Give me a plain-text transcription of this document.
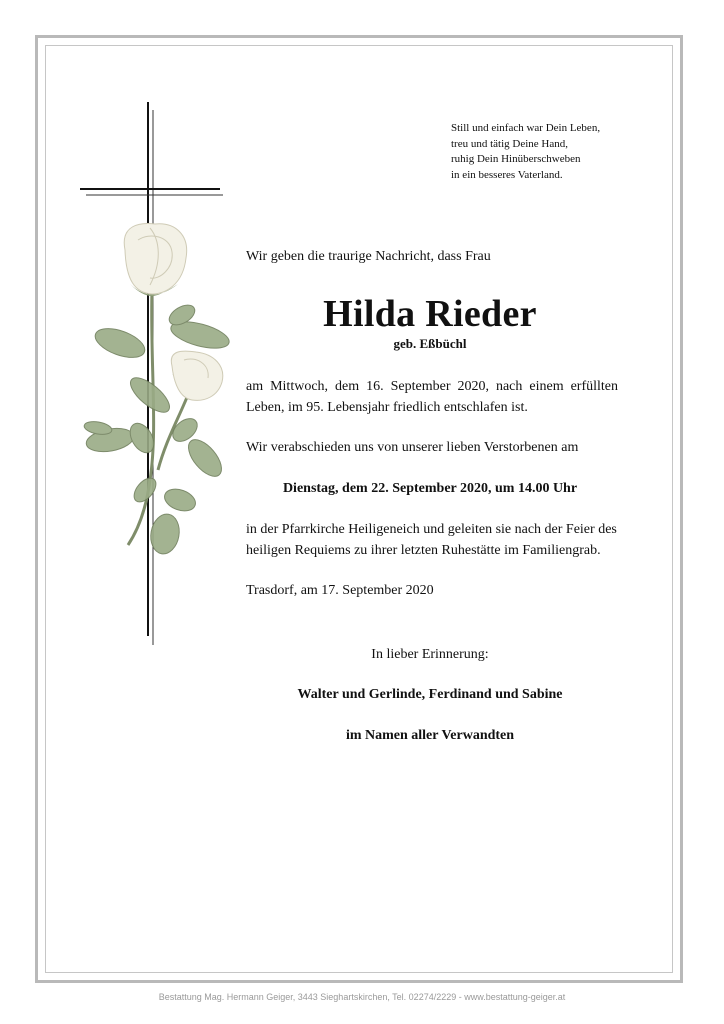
Still und einfach war Dein Leben,
treu und tätig Deine Hand,
ruhig Dein Hinüberschweben
in ein besseres Vaterland.
Wir geben die traurige Nachricht, dass Frau
Hilda Rieder
geb. Eßbüchl
am Mittwoch, dem 16. September 2020, nach einem erfüllten
Leben, im 95. Lebensjahr friedlich entschlafen ist.
Wir verabschieden uns von unserer lieben Verstorbenen am
Dienstag, dem 22. September 2020, um 14.00 Uhr
in der Pfarrkirche Heiligeneich und geleiten sie nach der Feier des
heiligen Requiems zu ihrer letzten Ruhestätte im Familiengrab.
Trasdorf, am 17. September 2020
In lieber Erinnerung:
Walter und Gerlinde, Ferdinand und Sabine
im Namen aller Verwandten
Bestattung Mag. Hermann Geiger, 3443 Sieghartskirchen, Tel. 02274/2229 - www.bestattung-geiger.at
